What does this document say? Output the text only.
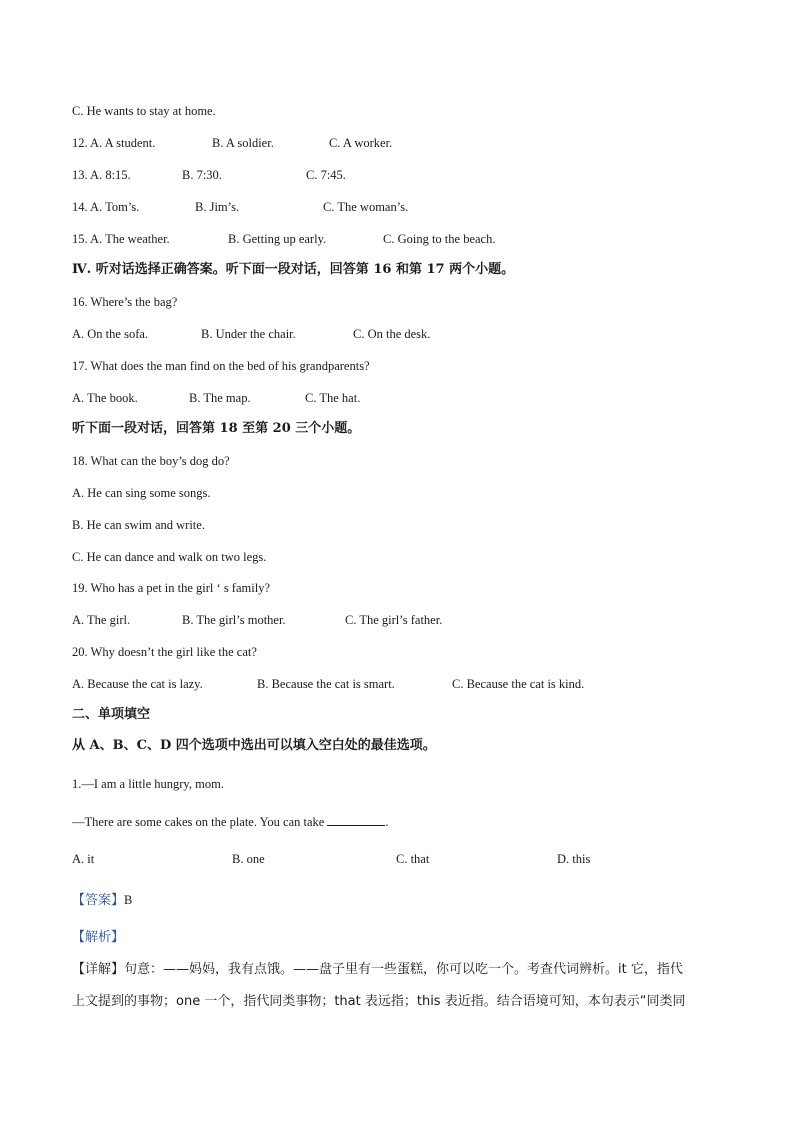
C. He wants to stay at home.
12. A. A student.	B. A soldier.	C. A worker.
13. A. 8:15.	B. 7:30.	C. 7:45.
14. A. Tom’s.	B. Jim’s.	C. The woman’s.
15. A. The weather.	B. Getting up early.	C. Going to the beach.
Ⅳ. 听对话选择正确答案。听下面一段对话，回答第 16 和第 17 两个小题。
16. Where’s the bag?
A. On the sofa.	B. Under the chair.	C. On the desk.
17. What does the man find on the bed of his grandparents?
A. The book.	B. The map.	C. The hat.
听下面一段对话，回答第 18 至第 20 三个小题。
18. What can the boy’s dog do?
A. He can sing some songs.
B. He can swim and write.
C. He can dance and walk on two legs.
19. Who has a pet in the girl ‘ s family?
A. The girl.	B. The girl’s mother.	C. The girl’s father.
20. Why doesn’t the girl like the cat?
A. Because the cat is lazy.	B. Because the cat is smart.	C. Because the cat is kind.
二、单项填空
从 A、B、C、D 四个选项中选出可以填入空白处的最佳选项。
1.—I am a little hungry, mom.
—There are some cakes on the plate. You can take	.
A. it	B. one	C. that	D. this
【答案】B
【解析】
【详解】句意：——妈妈，我有点饿。——盘子里有一些蛋糕，你可以吃一个。考查代词辨析。it 它，指代
上文提到的事物；one 一个，指代同类事物；that 表远指；this 表近指。结合语境可知，本句表示“同类同
